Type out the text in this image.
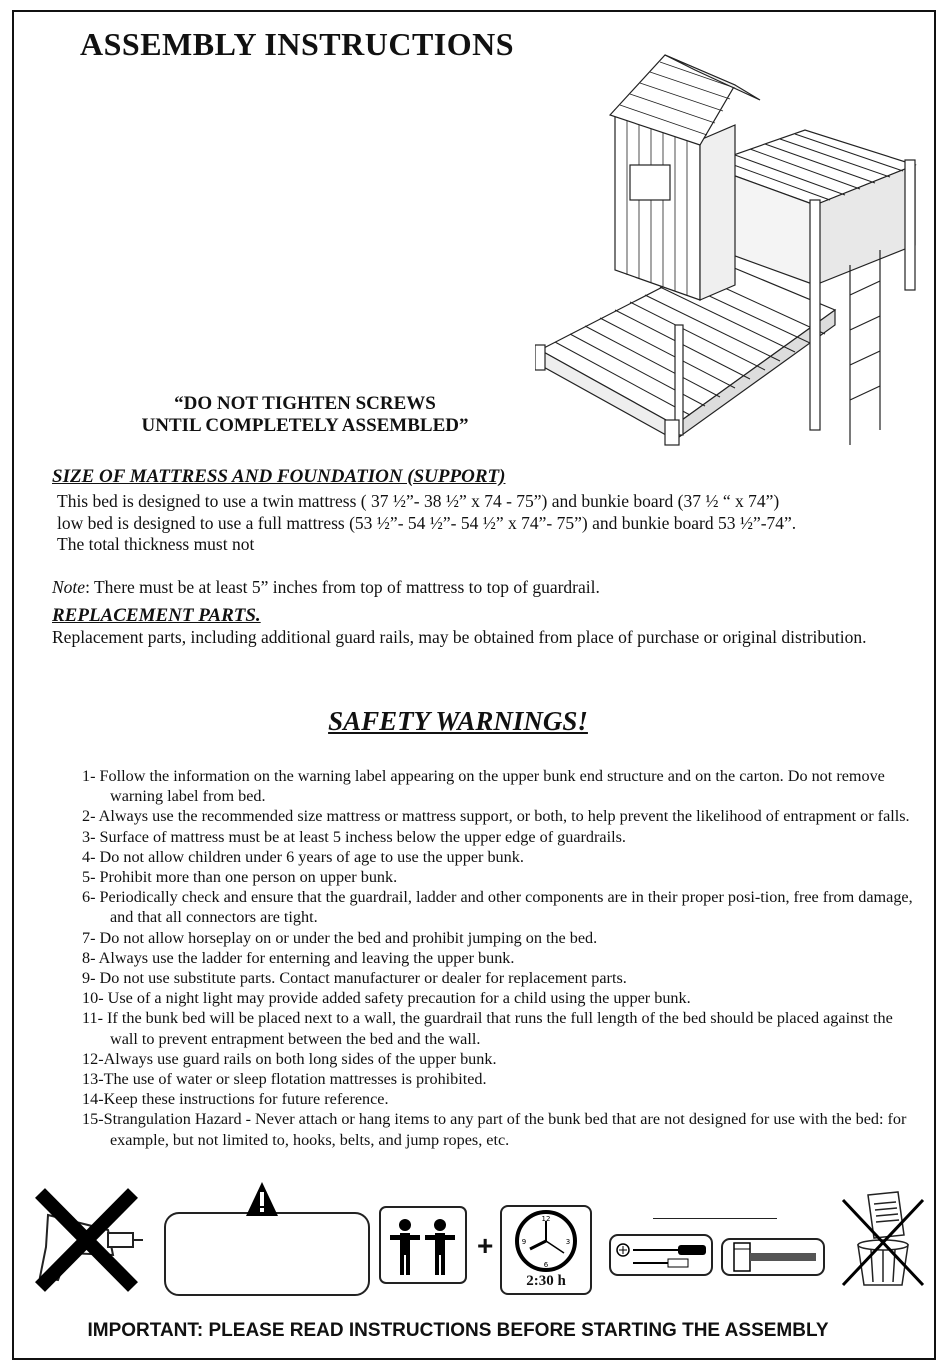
ASSEMBLY INSTRUCTIONS
“DO NOT TIGHTEN SCREWS
UNTIL COMPLETELY ASSEMBLED”
SIZE OF MATTRESS AND FOUNDATION (SUPPORT)

This bed is designed to use a twin mattress ( 37 ½”- 38 ½” x 74 - 75”) and bunkie board (37 ½ “ x 74”)

low bed is designed to use a full mattress (53 ½”- 54 ½”- 54 ½” x 74”- 75”) and bunkie board 53 ½”-74”.

The total thickness must not

Note: There must be at least 5” inches from top of mattress to top of guardrail.

REPLACEMENT PARTS.

Replacement parts, including additional guard rails, may be obtained from place of purchase or original distribution.

SAFETY WARNINGS!
1- Follow the information on the warning label appearing on the upper bunk end structure and on the carton. Do not remove warning label from bed.
2- Always use the recommended size mattress or mattress support, or both, to help prevent the likelihood of entrapment or falls.
3- Surface of mattress must be at least 5 inchess below the upper edge of guardrails.
4- Do not allow children under 6 years of age to use the upper bunk.
5- Prohibit more than one person on upper bunk.
6- Periodically check and ensure that the guardrail, ladder and other components are in their proper posi-tion, free from damage, and that all connectors are tight.
7- Do not allow horseplay on or under the bed and prohibit jumping on the bed.
8- Always use the ladder for enterning and leaving the upper bunk.
9- Do not use substitute parts. Contact manufacturer or dealer for replacement parts.
10- Use of a night light may provide added safety precaution for a child using the upper bunk.
11- If the bunk bed will be placed next to a wall, the guardrail that runs the full length of the bed should be placed against the wall to prevent entrapment between the bed and the wall.
12-Always use guard rails on both long sides of the upper bunk.
13-The use of water or sleep flotation mattresses is prohibited.
14-Keep these instructions for future reference.
15-Strangulation Hazard - Never attach or hang items to any part of the bunk bed that are not designed for use with the bed: for example, but not limited to, hooks, belts, and jump ropes, etc.
+
12
3
6
9
2:30 h
IMPORTANT: PLEASE READ INSTRUCTIONS BEFORE STARTING THE ASSEMBLY
